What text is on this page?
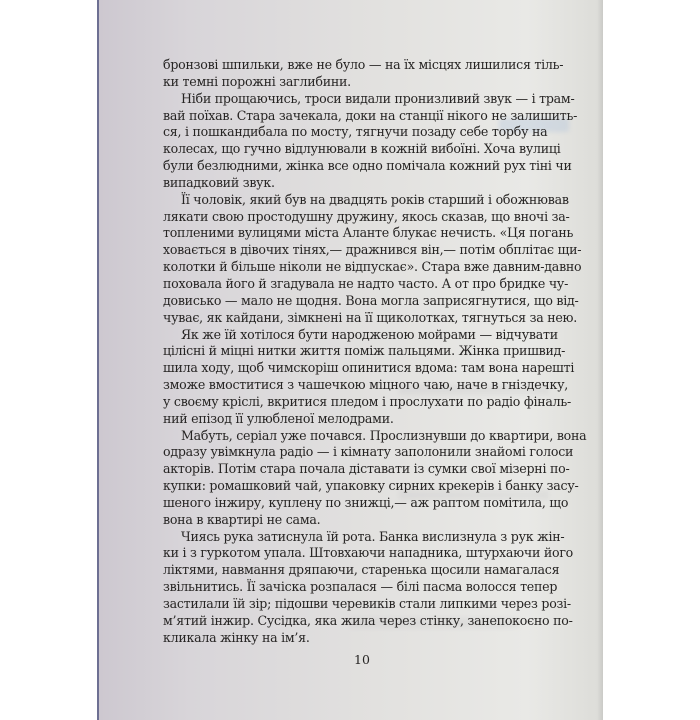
бронзові шпильки, вже не було — на їх місцях лишилися тіль-
ки темні порожні заглибини.
Ніби прощаючись, троси видали пронизливий звук — і трам-
вай поїхав. Стара зачекала, доки на станції нікого не залишить-
ся, і пошкандибала по мосту, тягнучи позаду себе торбу на
колесах, що гучно відлунювали в кожній вибоїні. Хоча вулиці
були безлюдними, жінка все одно помічала кожний рух тіні чи
випадковий звук.
Її чоловік, який був на двадцять років старший і обожнював
лякати свою простодушну дружину, якось сказав, що вночі за-
топленими вулицями міста Аланте блукає нечисть. «Ця погань
ховається в дівочих тінях,— дражнився він,— потім обплітає щи-
колотки й більше ніколи не відпускає». Стара вже давним-давно
поховала його й згадувала не надто часто. А от про бридке чу-
довисько — мало не щодня. Вона могла заприсягнутися, що від-
чуває, як кайдани, зімкнені на її щиколотках, тягнуться за нею.
Як же їй хотілося бути народженою мойрами — відчувати
цілісні й міцні нитки життя поміж пальцями. Жінка пришвид-
шила ходу, щоб чимскоріш опинитися вдома: там вона нарешті
зможе вмоститися з чашечкою міцного чаю, наче в гніздечку,
у своєму кріслі, вкритися пледом і прослухати по радіо фіналь-
ний епізод її улюбленої мелодрами.
Мабуть, серіал уже почався. Прослизнувши до квартири, вона
одразу увімкнула радіо — і кімнату заполонили знайомі голоси
акторів. Потім стара почала діставати із сумки свої мізерні по-
купки: ромашковий чай, упаковку сирних крекерів і банку засу-
шеного інжиру, куплену по знижці,— аж раптом помітила, що
вона в квартирі не сама.
Чиясь рука затиснула їй рота. Банка вислизнула з рук жін-
ки і з гуркотом упала. Штовхаючи нападника, штурхаючи його
ліктями, навмання дряпаючи, старенька щосили намагалася
звільнитись. Її зачіска розпалася — білі пасма волосся тепер
застилали їй зір; підошви черевиків стали липкими через розі-
м’ятий інжир. Сусідка, яка жила через стінку, занепокоєно по-
кликала жінку на ім’я.
10
